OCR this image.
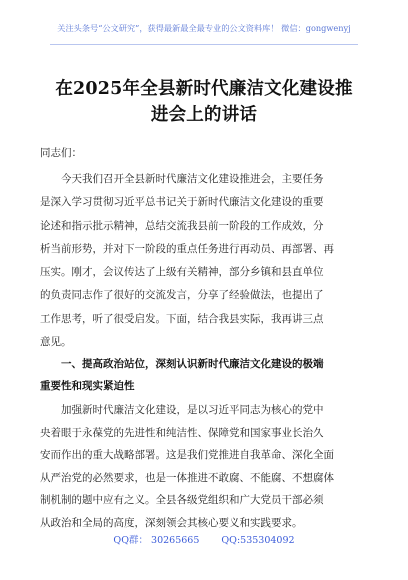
关注头条号“公文研究”，获得最新最全最专业的公文资料库！ 微信：gongwenyj
在2025年全县新时代廉洁文化建设推
进会上的讲话
同志们：

　　今天我们召开全县新时代廉洁文化建设推进会，主要任务

是深入学习贯彻习近平总书记关于新时代廉洁文化建设的重要

论述和指示批示精神，总结交流我县前一阶段的工作成效，分

析当前形势，并对下一阶段的重点任务进行再动员、再部署、再

压实。刚才，会议传达了上级有关精神，部分乡镇和县直单位

的负责同志作了很好的交流发言，分享了经验做法，也提出了

工作思考，听了很受启发。下面，结合我县实际，我再讲三点

意见。

　　一、提高政治站位，深刻认识新时代廉洁文化建设的极端

重要性和现实紧迫性

　　加强新时代廉洁文化建设，是以习近平同志为核心的党中

央着眼于永葆党的先进性和纯洁性、保障党和国家事业长治久

安而作出的重大战略部署。这是我们党推进自我革命、深化全面

从严治党的必然要求，也是一体推进不敢腐、不能腐、不想腐体

制机制的题中应有之义。全县各级党组织和广大党员干部必须

从政治和全局的高度，深刻领会其核心要义和实践要求。

QQ群： 30265665 QQ:535304092
